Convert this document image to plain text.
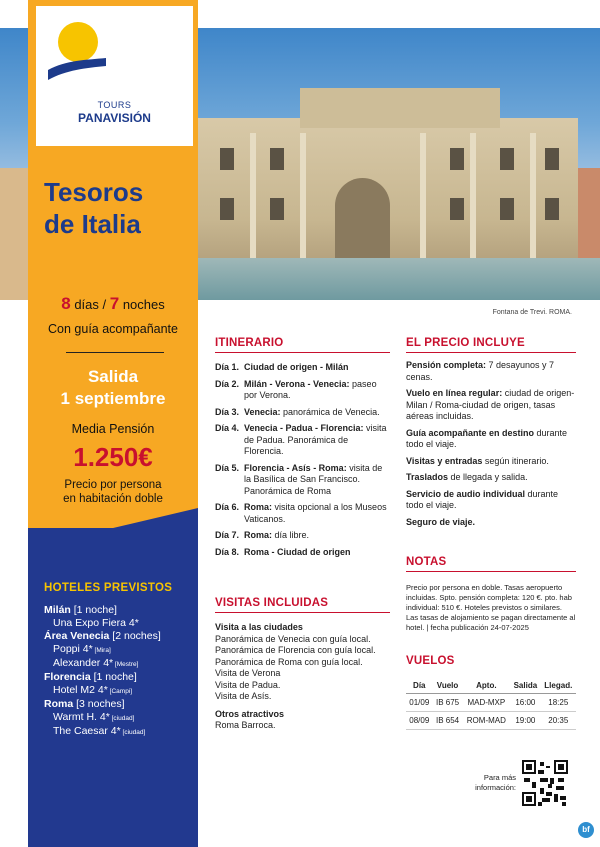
Fontana de Trevi. ROMA.
TOURS
PANAVISIÓN
Tesoros
de Italia
8 días / 7 noches
Con guía acompañante
Salida
1 septiembre
Media Pensión
1.250€
Precio por persona
en habitación doble
HOTELES PREVISTOS
Milán [1 noche]
Una Expo Fiera 4*
Área Venecia [2 noches]
Poppi 4* [Mira]
Alexander 4* [Mestre]
Florencia [1 noche]
Hotel M2 4* [Campi]
Roma [3 noches]
Warmt H. 4* [ciudad]
The Caesar 4* [ciudad]
ITINERARIO
Día 1. Ciudad de origen - Milán
Día 2. Milán - Verona - Venecia: paseo por Verona.
Día 3. Venecia: panorámica de Venecia.
Día 4. Venecia - Padua - Florencia: visita de Padua. Panorámica de Florencia.
Día 5. Florencia - Asís - Roma: visita de la Basílica de San Francisco. Panorámica de Roma
Día 6. Roma: visita opcional a los Museos Vaticanos.
Día 7. Roma: día libre.
Día 8. Roma - Ciudad de origen
VISITAS INCLUIDAS
Visita a las ciudades
Panorámica de Venecia con guía local.
Panorámica de Florencia con guía local.
Panorámica de Roma con guía local.
Visita de Verona
Visita de Padua.
Visita de Asís.
Otros atractivos
Roma Barroca.
EL PRECIO INCLUYE

Pensión completa: 7 desayunos y 7 cenas.

Vuelo en línea regular: ciudad de origen-Milan / Roma-ciudad de origen, tasas aéreas incluidas.

Guía acompañante en destino durante todo el viaje.

Visitas y entradas según itinerario.

Traslados de llegada y salida.

Servicio de audio individual durante todo el viaje.

Seguro de viaje.

NOTAS
Precio por persona en doble. Tasas aeropuerto incluidas. Spto. pensión completa: 120 €. pto. hab individual: 510 €. Hoteles previstos o similares. Las tasas de alojamiento se pagan directamente al hotel. | fecha publicación 24-07-2025
VUELOS
Día	Vuelo	Apto.	Salida	Llegad.
01/09	IB 675	MAD-MXP	16:00	18:25
08/09	IB 654	ROM-MAD	19:00	20:35
Para más
información:
bf
